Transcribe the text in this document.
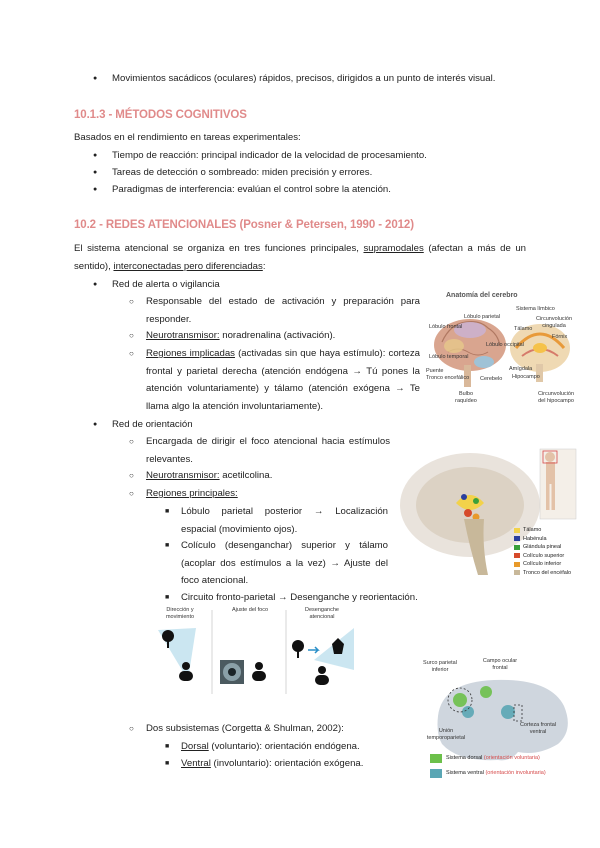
● Movimientos sacádicos (oculares) rápidos, precisos, dirigidos a un punto de interés visual.
10.1.3 - MÉTODOS COGNITIVOS
Basados en el rendimiento en tareas experimentales:
● Tiempo de reacción: principal indicador de la velocidad de procesamiento.
● Tareas de detección o sombreado: miden precisión y errores.
● Paradigmas de interferencia: evalúan el control sobre la atención.
10.2 - REDES ATENCIONALES (Posner & Petersen, 1990 - 2012)
El sistema atencional se organiza en tres funciones principales, supramodales (afectan a más de un sentido), interconectadas pero diferenciadas:
● Red de alerta o vigilancia
○ Responsable del estado de activación y preparación para responder.
○ Neurotransmisor: noradrenalina (activación).
○ Regiones implicadas (activadas sin que haya estímulo): corteza frontal y parietal derecha (atención endógena → Tú pones la atención voluntariamente) y tálamo (atención exógena → Te llama algo la atención involuntariamente).
● Red de orientación
○ Encargada de dirigir el foco atencional hacia estímulos relevantes.
○ Neurotransmisor: acetilcolina.
○ Regiones principales:
■ Lóbulo parietal posterior → Localización espacial (movimiento ojos).
■ Colículo (desenganchar) superior y tálamo (acoplar dos estímulos a la vez) → Ajuste del foco atencional.
■ Circuito fronto-parietal → Desenganche y reorientación.
○ Dos subsistemas (Corgetta & Shulman, 2002):
■ Dorsal (voluntario): orientación endógena.
■ Ventral (involuntario): orientación exógena.
Anatomía del cerebro
Sistema límbico
Circunvolución cingulada
Lóbulo frontal
Lóbulo parietal
Tálamo
Fórnix
Lóbulo temporal
Lóbulo occipital
Puente
Tronco encefálico Cerebelo
Amígdala
Hipocampo
Bulbo raquídeo
Circunvolución del hipocampo
Tálamo
Habénula
Glándula pineal
Colículo superior
Colículo inferior
Tronco del encéfalo
Dirección y movimiento
Ajuste del foco	Desenganche atencional
Surco parietal inferior
Campo ocular frontal
Unión temporoparietal
Corteza frontal ventral
Sistema dorsal (orientación voluntaria)
Sistema ventral (orientación involuntaria)
